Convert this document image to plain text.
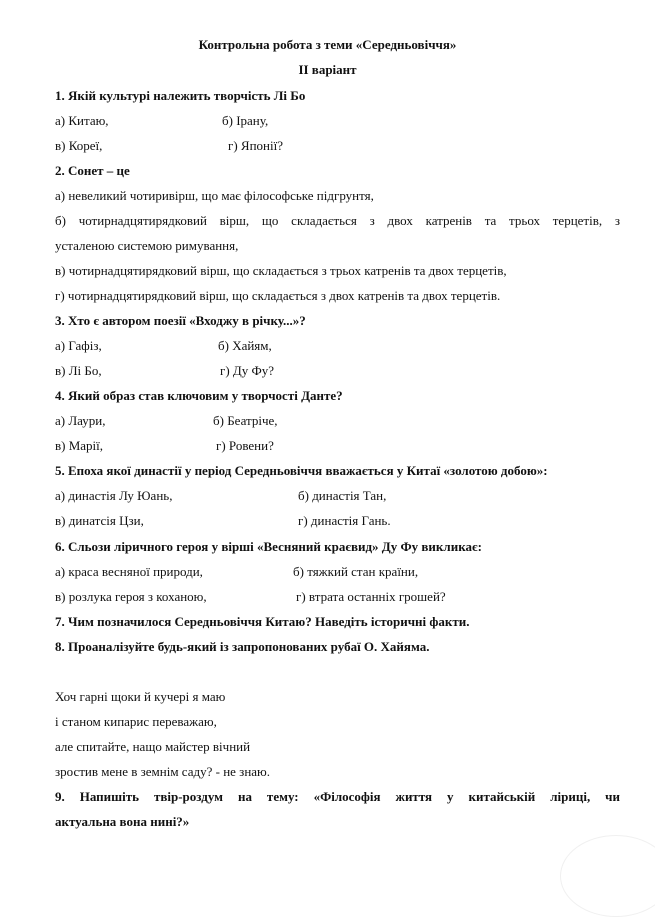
Контрольна робота з теми «Середньовіччя»
ІІ варіант
1. Якій культурі належить творчість Лі Бо
а) Китаю,	б) Ірану,
в) Кореї,	г) Японії?
2. Сонет – це
а) невеликий чотиривірш, що має філософське підгрунтя,
б) чотирнадцятирядковий вірш, що складається з двох катренів та трьох терцетів, з
усталеною системою римування,
в) чотирнадцятирядковий вірш, що складається з трьох катренів та двох терцетів,
г) чотирнадцятирядковий вірш, що складається з двох катренів та двох терцетів.
3. Хто є автором поезії «Входжу в річку...»?
а) Гафіз,	б) Хайям,
в) Лі Бо,	г) Ду Фу?
4. Який образ став ключовим у творчості Данте?
а) Лаури,	б) Беатріче,
в) Марії,	г) Ровени?
5. Епоха якої династії у період Середньовіччя вважається у Китаї «золотою добою»:
а) династія Лу Юань,	б) династія Тан,
в) динатсія Цзи,	г) династія Гань.
6. Сльози ліричного героя у вірші «Весняний краєвид» Ду Фу викликає:
а) краса весняної природи,	б) тяжкий стан країни,
в) розлука героя з коханою,	г) втрата останніх грошей?
7. Чим позначилося Середньовіччя Китаю? Наведіть історичні факти.
8. Проаналізуйте будь-який із запропонованих рубаї О. Хайяма.
Хоч гарні щоки й кучері я маю
і станом кипарис переважаю,
але спитайте, нащо майстер вічний
зростив мене в земнім саду? - не знаю.
9. Напишіть твір-роздум на тему: «Філософія життя у китайській ліриці, чи
актуальна вона нині?»
